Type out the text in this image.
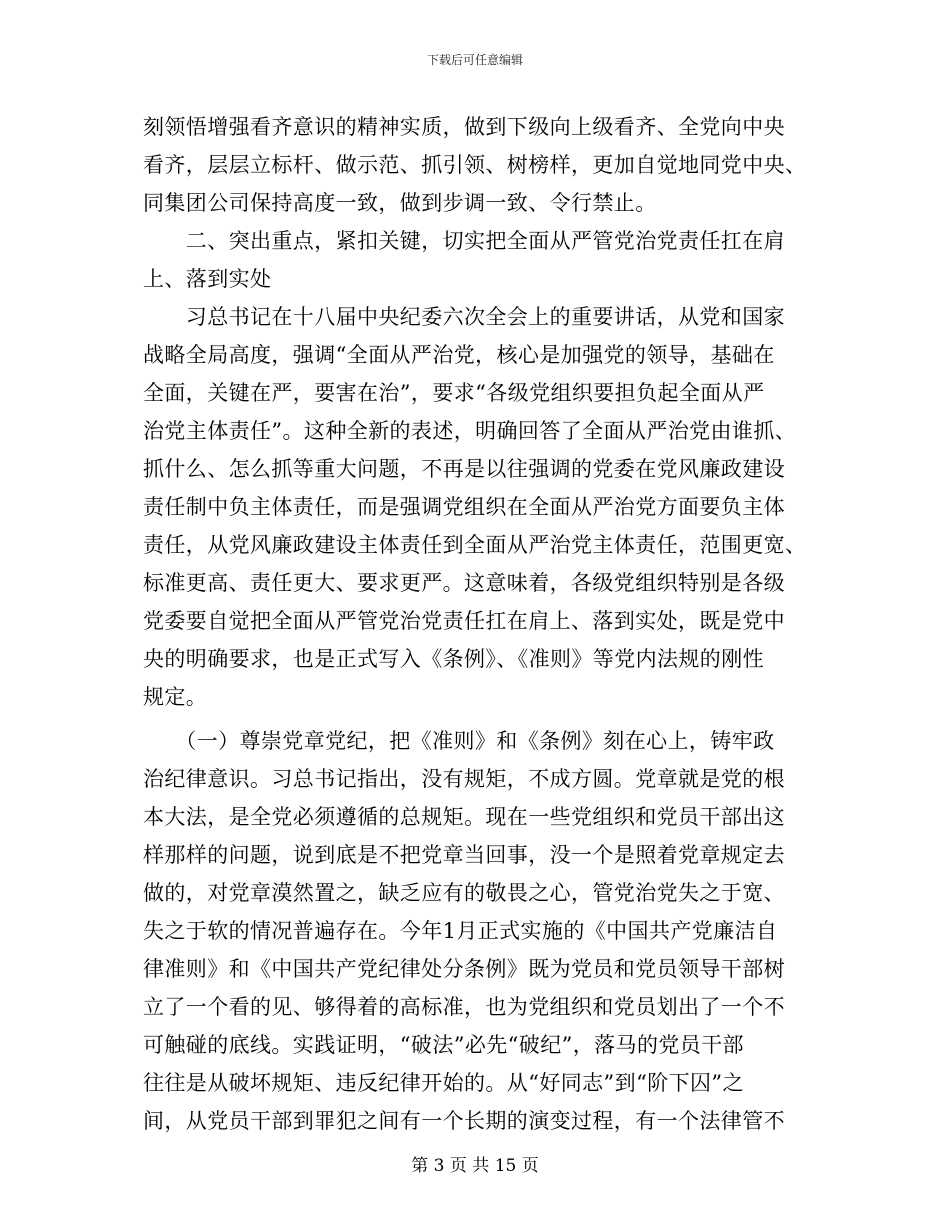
下载后可任意编辑
刻领悟增强看齐意识的精神实质，做到下级向上级看齐、全党向中央
看齐，层层立标杆、做示范、抓引领、树榜样，更加自觉地同党中央、
同集团公司保持高度一致，做到步调一致、令行禁止。
　　二、突出重点，紧扣关键，切实把全面从严管党治党责任扛在肩
上、落到实处
　　习总书记在十八届中央纪委六次全会上的重要讲话，从党和国家
战略全局高度，强调“全面从严治党，核心是加强党的领导，基础在
全面，关键在严，要害在治”，要求“各级党组织要担负起全面从严
治党主体责任”。这种全新的表述，明确回答了全面从严治党由谁抓、
抓什么、怎么抓等重大问题，不再是以往强调的党委在党风廉政建设
责任制中负主体责任，而是强调党组织在全面从严治党方面要负主体
责任，从党风廉政建设主体责任到全面从严治党主体责任，范围更宽、
标准更高、责任更大、要求更严。这意味着，各级党组织特别是各级
党委要自觉把全面从严管党治党责任扛在肩上、落到实处，既是党中
央的明确要求，也是正式写入《条例》、《准则》等党内法规的刚性
规定。
　　（一）尊崇党章党纪，把《准则》和《条例》刻在心上，铸牢政
治纪律意识。习总书记指出，没有规矩，不成方圆。党章就是党的根
本大法，是全党必须遵循的总规矩。现在一些党组织和党员干部出这
样那样的问题，说到底是不把党章当回事，没一个是照着党章规定去
做的，对党章漠然置之，缺乏应有的敬畏之心，管党治党失之于宽、
失之于软的情况普遍存在。今年1月正式实施的《中国共产党廉洁自
律准则》和《中国共产党纪律处分条例》既为党员和党员领导干部树
立了一个看的见、够得着的高标准，也为党组织和党员划出了一个不
可触碰的底线。实践证明，“破法”必先“破纪”，落马的党员干部
往往是从破坏规矩、违反纪律开始的。从“好同志”到“阶下囚”之
间，从党员干部到罪犯之间有一个长期的演变过程，有一个法律管不
第 3 页 共 15 页
